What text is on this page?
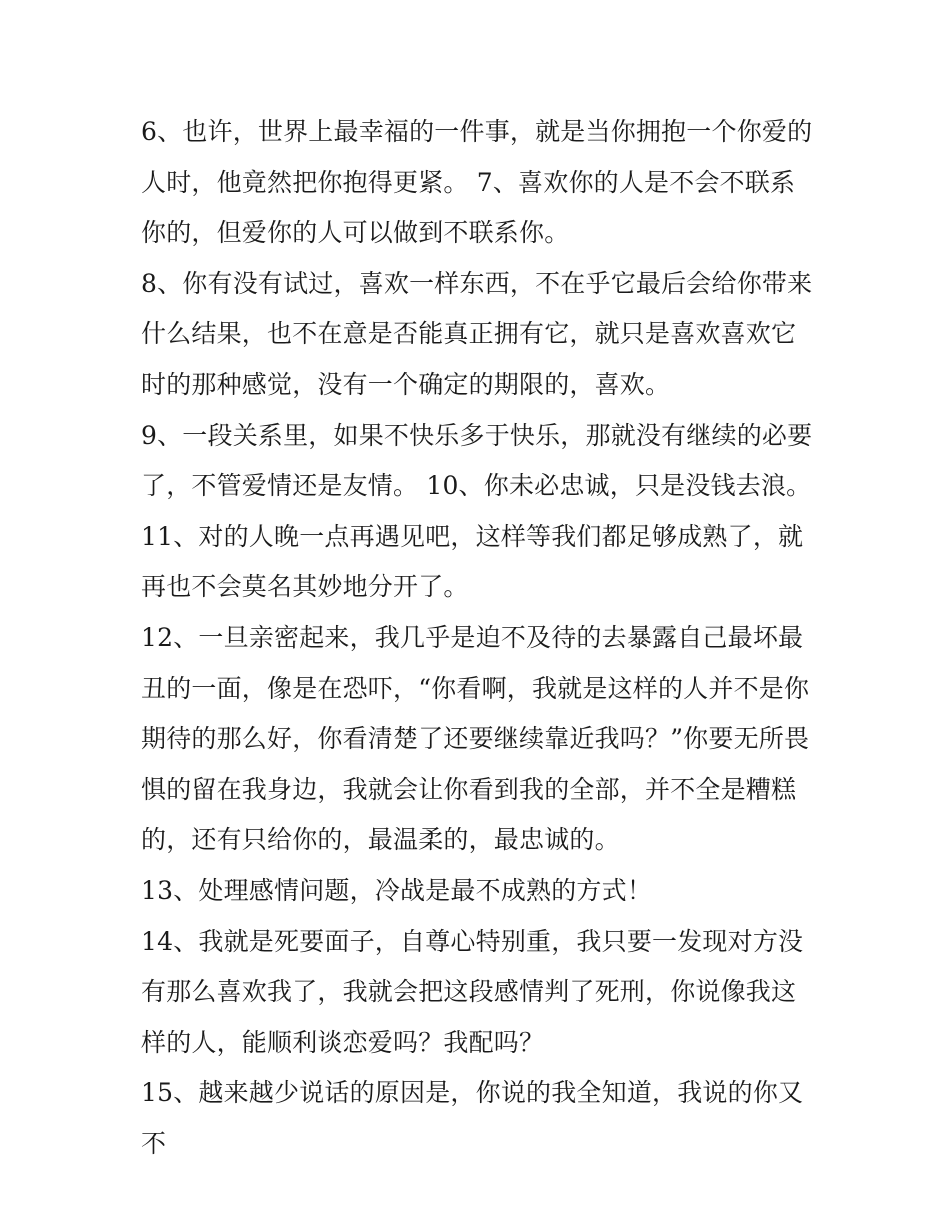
6、也许，世界上最幸福的一件事，就是当你拥抱一个你爱的人时，他竟然把你抱得更紧。 7、喜欢你的人是不会不联系你的，但爱你的人可以做到不联系你。

8、你有没有试过，喜欢一样东西，不在乎它最后会给你带来什么结果，也不在意是否能真正拥有它，就只是喜欢喜欢它时的那种感觉，没有一个确定的期限的，喜欢。

9、一段关系里，如果不快乐多于快乐，那就没有继续的必要了，不管爱情还是友情。 10、你未必忠诚，只是没钱去浪。

11、对的人晚一点再遇见吧，这样等我们都足够成熟了，就再也不会莫名其妙地分开了。

12、一旦亲密起来，我几乎是迫不及待的去暴露自己最坏最丑的一面，像是在恐吓，“你看啊，我就是这样的人并不是你期待的那么好，你看清楚了还要继续靠近我吗？”你要无所畏惧的留在我身边，我就会让你看到我的全部，并不全是糟糕的，还有只给你的，最温柔的，最忠诚的。

13、处理感情问题，冷战是最不成熟的方式！

14、我就是死要面子，自尊心特别重，我只要一发现对方没有那么喜欢我了，我就会把这段感情判了死刑，你说像我这样的人，能顺利谈恋爱吗？我配吗？

15、越来越少说话的原因是，你说的我全知道，我说的你又不
